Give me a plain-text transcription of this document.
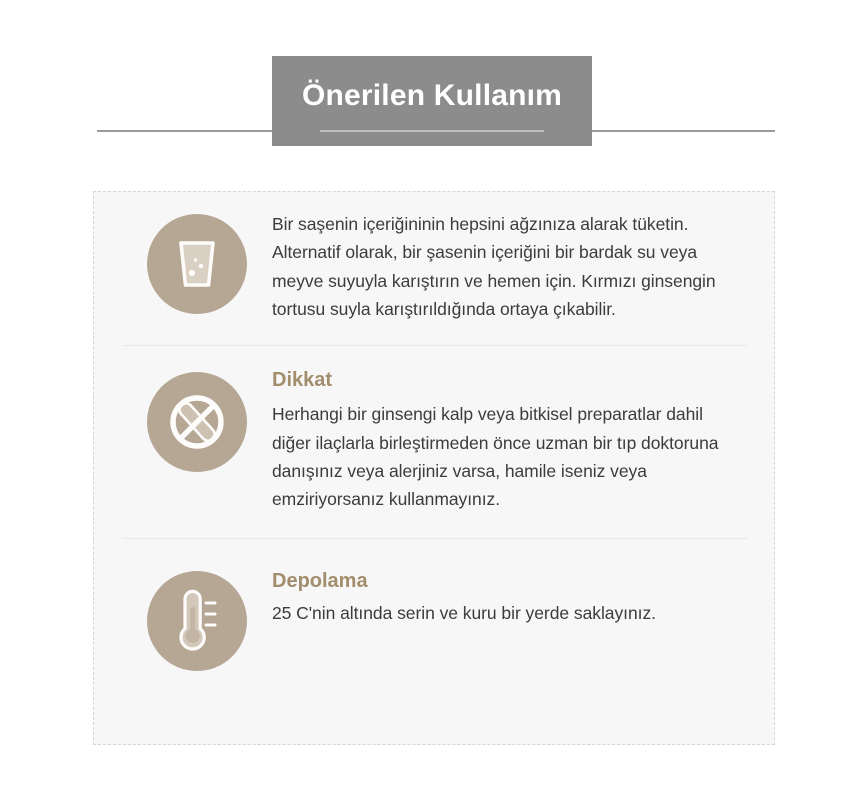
Önerilen Kullanım

Bir saşenin içeriğininin hepsini ağzınıza alarak tüketin. Alternatif olarak, bir şasenin içeriğini bir bardak su veya meyve suyuyla karıştırın ve hemen için. Kırmızı ginsengin tortusu suyla karıştırıldığında ortaya çıkabilir.

Dikkat

Herhangi bir ginsengi kalp veya bitkisel preparatlar dahil diğer ilaçlarla birleştirmeden önce uzman bir tıp doktoruna danışınız veya alerjiniz varsa, hamile iseniz veya emziriyorsanız kullanmayınız.

Depolama

25 C'nin altında serin ve kuru bir yerde saklayınız.
